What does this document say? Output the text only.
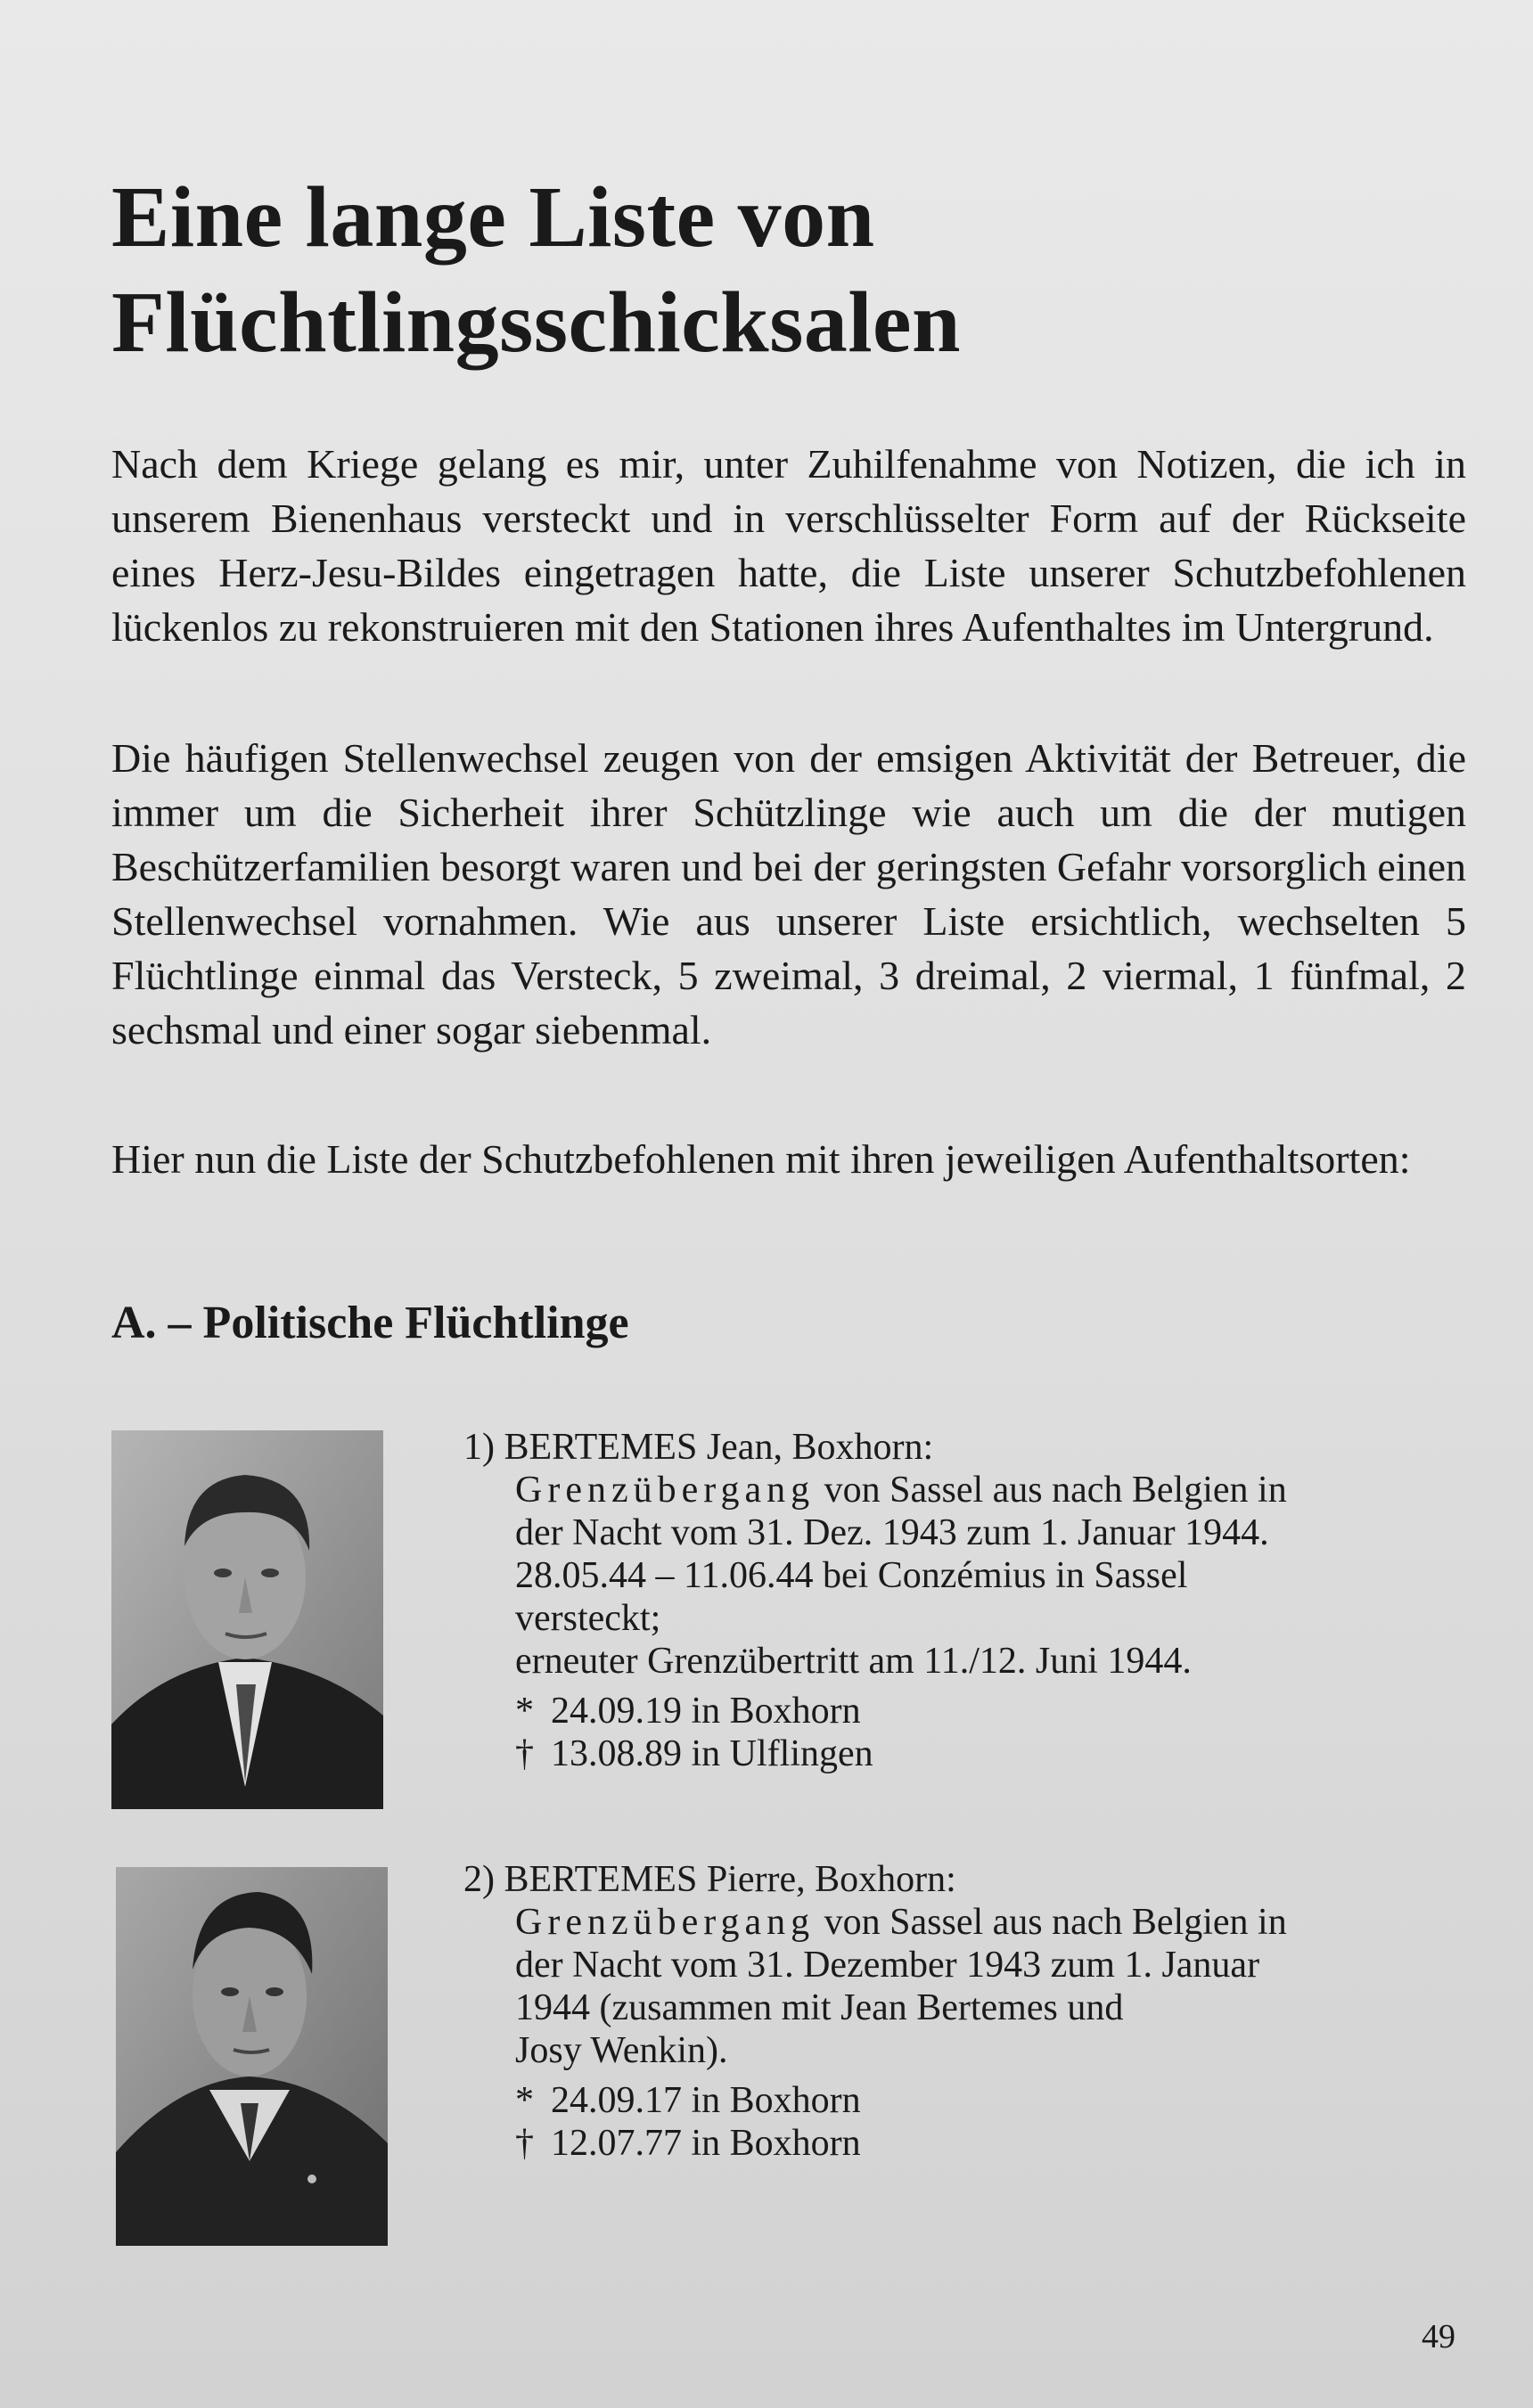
Eine lange Liste von
Flüchtlingsschicksalen

Nach dem Kriege gelang es mir, unter Zuhilfenahme von Notizen, die ich in unserem Bienenhaus versteckt und in verschlüsselter Form auf der Rückseite eines Herz-Jesu-Bildes eingetragen hatte, die Liste unserer Schutzbefohlenen lückenlos zu rekonstruieren mit den Stationen ihres Aufenthaltes im Untergrund.

Die häufigen Stellenwechsel zeugen von der emsigen Aktivität der Betreuer, die immer um die Sicherheit ihrer Schützlinge wie auch um die der mutigen Beschützerfamilien besorgt waren und bei der geringsten Gefahr vorsorglich einen Stellenwechsel vornahmen. Wie aus unserer Liste ersichtlich, wechselten 5 Flüchtlinge einmal das Versteck, 5 zweimal, 3 dreimal, 2 viermal, 1 fünfmal, 2 sechsmal und einer sogar siebenmal.

Hier nun die Liste der Schutzbefohlenen mit ihren jeweiligen Aufenthaltsorten:

A. – Politische Flüchtlinge
1) BERTEMES Jean, Boxhorn:
Grenzübergang von Sassel aus nach Belgien in
der Nacht vom 31. Dez. 1943 zum 1. Januar 1944.
28.05.44 – 11.06.44 bei Conzémius in Sassel
versteckt;
erneuter Grenzübertritt am 11./12. Juni 1944.
* 24.09.19 in Boxhorn
† 13.08.89 in Ulflingen
2) BERTEMES Pierre, Boxhorn:
Grenzübergang von Sassel aus nach Belgien in
der Nacht vom 31. Dezember 1943 zum 1. Januar
1944 (zusammen mit Jean Bertemes und
Josy Wenkin).
* 24.09.17 in Boxhorn
† 12.07.77 in Boxhorn
49
